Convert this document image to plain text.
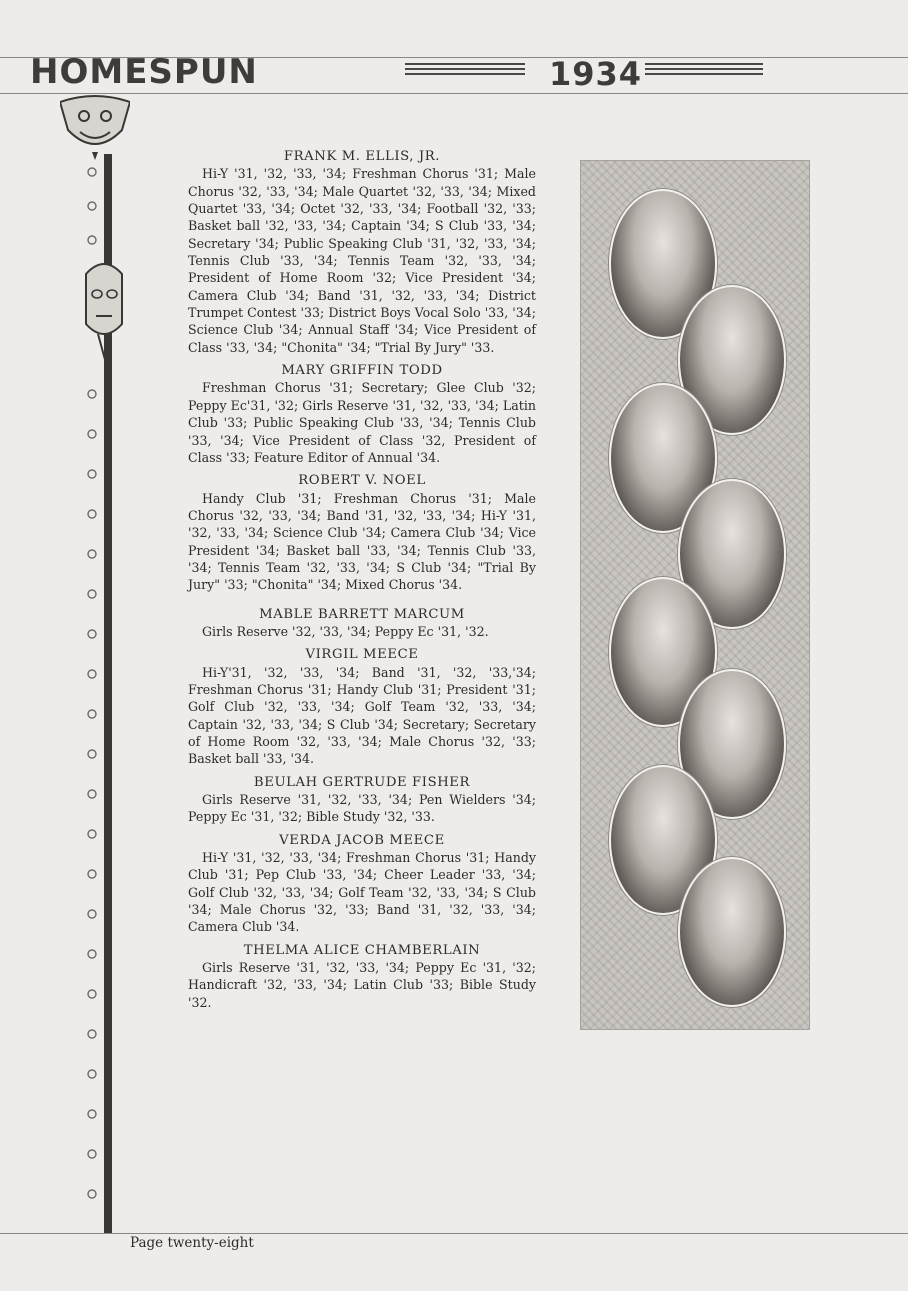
HOMESPUN	1934
FRANK M. ELLIS, JR.
Hi-Y '31, '32, '33, '34; Freshman Chorus '31; Male Chorus '32, '33, '34; Male Quartet '32, '33, '34; Mixed Quartet '33, '34; Octet '32, '33, '34; Football '32, '33; Basket ball '32, '33, '34; Captain '34; S Club '33, '34; Secretary '34; Public Speaking Club '31, '32, '33, '34; Tennis Club '33, '34; Tennis Team '32, '33, '34; President of Home Room '32; Vice President '34; Camera Club '34; Band '31, '32, '33, '34; District Trumpet Contest '33; District Boys Vocal Solo '33, '34; Science Club '34; Annual Staff '34; Vice President of Class '33, '34; "Chonita" '34; "Trial By Jury" '33.
MARY GRIFFIN TODD
Freshman Chorus '31; Secretary; Glee Club '32; Peppy Ec'31, '32; Girls Reserve '31, '32, '33, '34; Latin Club '33; Public Speaking Club '33, '34; Tennis Club '33, '34; Vice President of Class '32, President of Class '33; Feature Editor of Annual '34.
ROBERT V. NOEL
Handy Club '31; Freshman Chorus '31; Male Chorus '32, '33, '34; Band '31, '32, '33, '34; Hi-Y '31, '32, '33, '34; Science Club '34; Camera Club '34; Vice President '34; Basket ball '33, '34; Tennis Club '33, '34; Tennis Team '32, '33, '34; S Club '34; "Trial By Jury" '33; "Chonita" '34; Mixed Chorus '34.
MABLE BARRETT MARCUM
Girls Reserve '32, '33, '34; Peppy Ec '31, '32.
VIRGIL MEECE
Hi-Y'31, '32, '33, '34; Band '31, '32, '33,'34; Freshman Chorus '31; Handy Club '31; President '31; Golf Club '32, '33, '34; Golf Team '32, '33, '34; Captain '32, '33, '34; S Club '34; Secretary; Secretary of Home Room '32, '33, '34; Male Chorus '32, '33; Basket ball '33, '34.
BEULAH GERTRUDE FISHER
Girls Reserve '31, '32, '33, '34; Pen Wielders '34; Peppy Ec '31, '32; Bible Study '32, '33.
VERDA JACOB MEECE
Hi-Y '31, '32, '33, '34; Freshman Chorus '31; Handy Club '31; Pep Club '33, '34; Cheer Leader '33, '34; Golf Club '32, '33, '34; Golf Team '32, '33, '34; S Club '34; Male Chorus '32, '33; Band '31, '32, '33, '34; Camera Club '34.
THELMA ALICE CHAMBERLAIN
Girls Reserve '31, '32, '33, '34; Peppy Ec '31, '32; Handicraft '32, '33, '34; Latin Club '33; Bible Study '32.
Page twenty-eight
